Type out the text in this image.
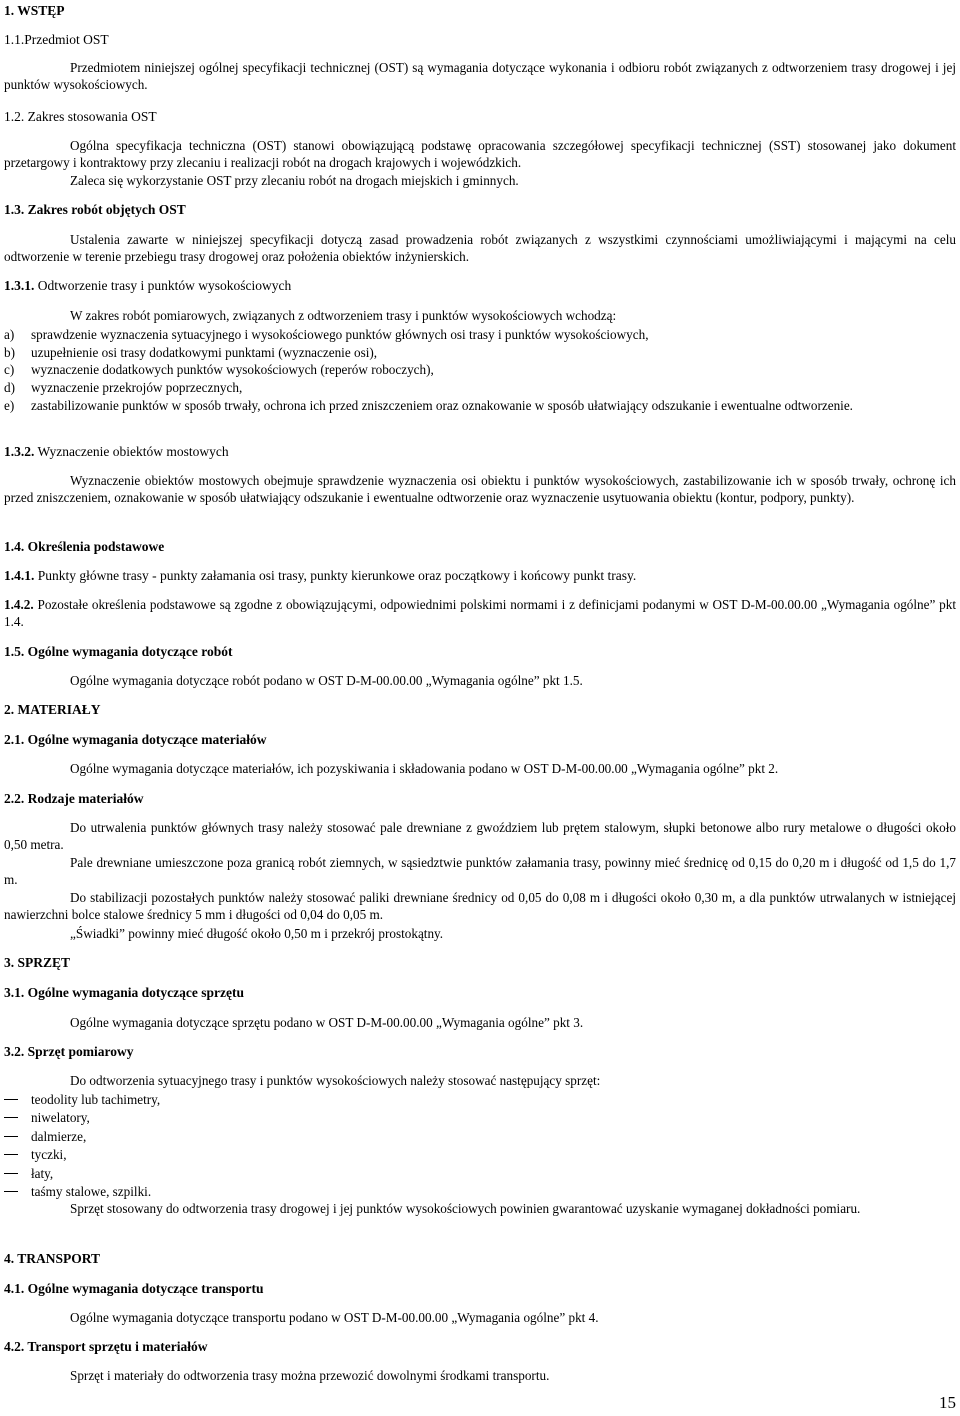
1. WSTĘP
1.1.Przedmiot OST
Przedmiotem niniejszej ogólnej specyfikacji technicznej (OST) są wymagania dotyczące wykonania i odbioru robót związanych z odtworzeniem trasy drogowej i jej punktów wysokościowych.
1.2. Zakres stosowania OST
Ogólna specyfikacja techniczna (OST) stanowi obowiązującą podstawę opracowania szczegółowej specyfikacji technicznej (SST) stosowanej jako dokument przetargowy i kontraktowy przy zlecaniu i realizacji robót na drogach krajowych i wojewódzkich.
Zaleca się wykorzystanie OST przy zlecaniu robót na drogach miejskich i gminnych.
1.3. Zakres robót objętych OST
Ustalenia zawarte w niniejszej specyfikacji dotyczą zasad prowadzenia robót związanych z wszystkimi czynnościami umożliwiającymi i mającymi na celu odtworzenie w terenie przebiegu trasy drogowej oraz położenia obiektów inżynierskich.
1.3.1. Odtworzenie trasy i punktów wysokościowych
W zakres robót pomiarowych, związanych z odtworzeniem trasy i punktów wysokościowych wchodzą:
a) sprawdzenie wyznaczenia sytuacyjnego i wysokościowego punktów głównych osi trasy i punktów wysokościowych,
b) uzupełnienie osi trasy dodatkowymi punktami (wyznaczenie osi),
c) wyznaczenie dodatkowych punktów wysokościowych (reperów roboczych),
d) wyznaczenie przekrojów poprzecznych,
e) zastabilizowanie punktów w sposób trwały, ochrona ich przed zniszczeniem oraz oznakowanie w sposób ułatwiający odszukanie i ewentualne odtworzenie.
1.3.2. Wyznaczenie obiektów mostowych
Wyznaczenie obiektów mostowych obejmuje sprawdzenie wyznaczenia osi obiektu i punktów wysokościowych, zastabilizowanie ich w sposób trwały, ochronę ich przed zniszczeniem, oznakowanie w sposób ułatwiający odszukanie i ewentualne odtworzenie oraz wyznaczenie usytuowania obiektu (kontur, podpory, punkty).
1.4. Określenia podstawowe
1.4.1. Punkty główne trasy - punkty załamania osi trasy, punkty kierunkowe oraz początkowy i końcowy punkt trasy.
1.4.2. Pozostałe określenia podstawowe są zgodne z obowiązującymi, odpowiednimi polskimi normami i z definicjami podanymi w OST D-M-00.00.00 „Wymagania ogólne” pkt 1.4.
1.5. Ogólne wymagania dotyczące robót
Ogólne wymagania dotyczące robót podano w OST D-M-00.00.00 „Wymagania ogólne” pkt 1.5.
2. MATERIAŁY
2.1. Ogólne wymagania dotyczące materiałów
Ogólne wymagania dotyczące materiałów, ich pozyskiwania i składowania podano w OST D-M-00.00.00 „Wymagania ogólne” pkt 2.
2.2. Rodzaje materiałów
Do utrwalenia punktów głównych trasy należy stosować pale drewniane z gwoździem lub prętem stalowym, słupki betonowe albo rury metalowe o długości około 0,50 metra.
Pale drewniane umieszczone poza granicą robót ziemnych, w sąsiedztwie punktów załamania trasy, powinny mieć średnicę od 0,15 do 0,20 m i długość od 1,5 do 1,7 m.
Do stabilizacji pozostałych punktów należy stosować paliki drewniane średnicy od 0,05 do 0,08 m i długości około 0,30 m, a dla punktów utrwalanych w istniejącej nawierzchni bolce stalowe średnicy 5 mm i długości od 0,04 do 0,05 m.
„Świadki” powinny mieć długość około 0,50 m i przekrój prostokątny.
3. SPRZĘT
3.1. Ogólne wymagania dotyczące sprzętu
Ogólne wymagania dotyczące sprzętu podano w OST D-M-00.00.00 „Wymagania ogólne” pkt 3.
3.2. Sprzęt pomiarowy
Do odtworzenia sytuacyjnego trasy i punktów wysokościowych należy stosować następujący sprzęt:
teodolity lub tachimetry,
niwelatory,
dalmierze,
tyczki,
łaty,
taśmy stalowe, szpilki.
Sprzęt stosowany do odtworzenia trasy drogowej i jej punktów wysokościowych powinien gwarantować uzyskanie wymaganej dokładności pomiaru.
4. TRANSPORT
4.1. Ogólne wymagania dotyczące transportu
Ogólne wymagania dotyczące transportu podano w OST D-M-00.00.00 „Wymagania ogólne” pkt 4.
4.2. Transport sprzętu i materiałów
Sprzęt i materiały do odtworzenia trasy można przewozić dowolnymi środkami transportu.
15
